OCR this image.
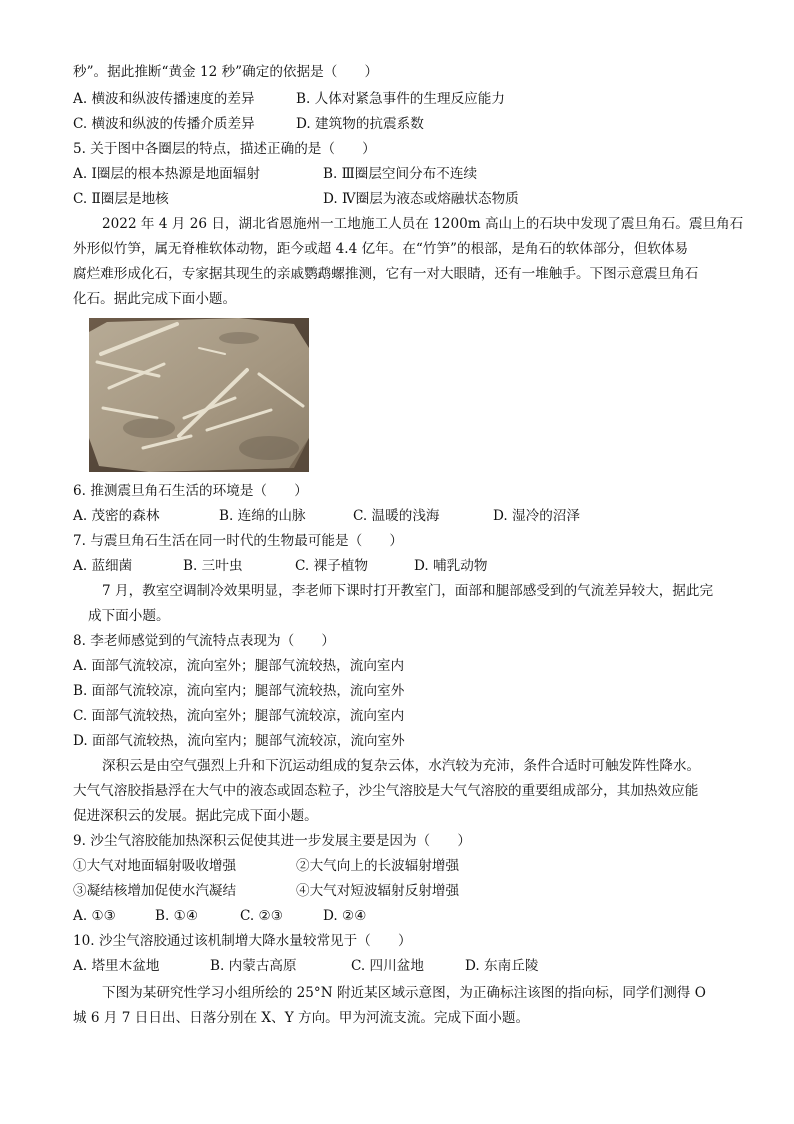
秒”。据此推断“黄金 12 秒”确定的依据是（　　）
A. 横波和纵波传播速度的差异	B. 人体对紧急事件的生理反应能力
C. 横波和纵波的传播介质差异	D. 建筑物的抗震系数
5. 关于图中各圈层的特点，描述正确的是（　　）
A. Ⅰ圈层的根本热源是地面辐射	B. Ⅲ圈层空间分布不连续
C. Ⅱ圈层是地核	D. Ⅳ圈层为液态或熔融状态物质
2022 年 4 月 26 日，湖北省恩施州一工地施工人员在 1200m 高山上的石块中发现了震旦角石。震旦角石
外形似竹笋，属无脊椎软体动物，距今或超 4.4 亿年。在“竹笋”的根部，是角石的软体部分，但软体易
腐烂难形成化石，专家据其现生的亲戚鹦鹉螺推测，它有一对大眼睛，还有一堆触手。下图示意震旦角石
化石。据此完成下面小题。
6. 推测震旦角石生活的环境是（　　）
A. 茂密的森林	B. 连绵的山脉	C. 温暖的浅海	D. 湿冷的沼泽
7. 与震旦角石生活在同一时代的生物最可能是（　　）
A. 蓝细菌	B. 三叶虫	C. 裸子植物	D. 哺乳动物
7 月，教室空调制冷效果明显，李老师下课时打开教室门，面部和腿部感受到的气流差异较大，据此完
成下面小题。
8. 李老师感觉到的气流特点表现为（　　）
A. 面部气流较凉，流向室外；腿部气流较热，流向室内
B. 面部气流较凉，流向室内；腿部气流较热，流向室外
C. 面部气流较热，流向室外；腿部气流较凉，流向室内
D. 面部气流较热，流向室内；腿部气流较凉，流向室外
深积云是由空气强烈上升和下沉运动组成的复杂云体，水汽较为充沛，条件合适时可触发阵性降水。
大气气溶胶指悬浮在大气中的液态或固态粒子，沙尘气溶胶是大气气溶胶的重要组成部分，其加热效应能
促进深积云的发展。据此完成下面小题。
9. 沙尘气溶胶能加热深积云促使其进一步发展主要是因为（　　）
①大气对地面辐射吸收增强	②大气向上的长波辐射增强
③凝结核增加促使水汽凝结	④大气对短波辐射反射增强
A. ①③	B. ①④	C. ②③	D. ②④
10. 沙尘气溶胶通过该机制增大降水量较常见于（　　）
A. 塔里木盆地	B. 内蒙古高原	C. 四川盆地	D. 东南丘陵
下图为某研究性学习小组所绘的 25°N 附近某区域示意图，为正确标注该图的指向标，同学们测得 O
城 6 月 7 日日出、日落分别在 X、Y 方向。甲为河流支流。完成下面小题。
